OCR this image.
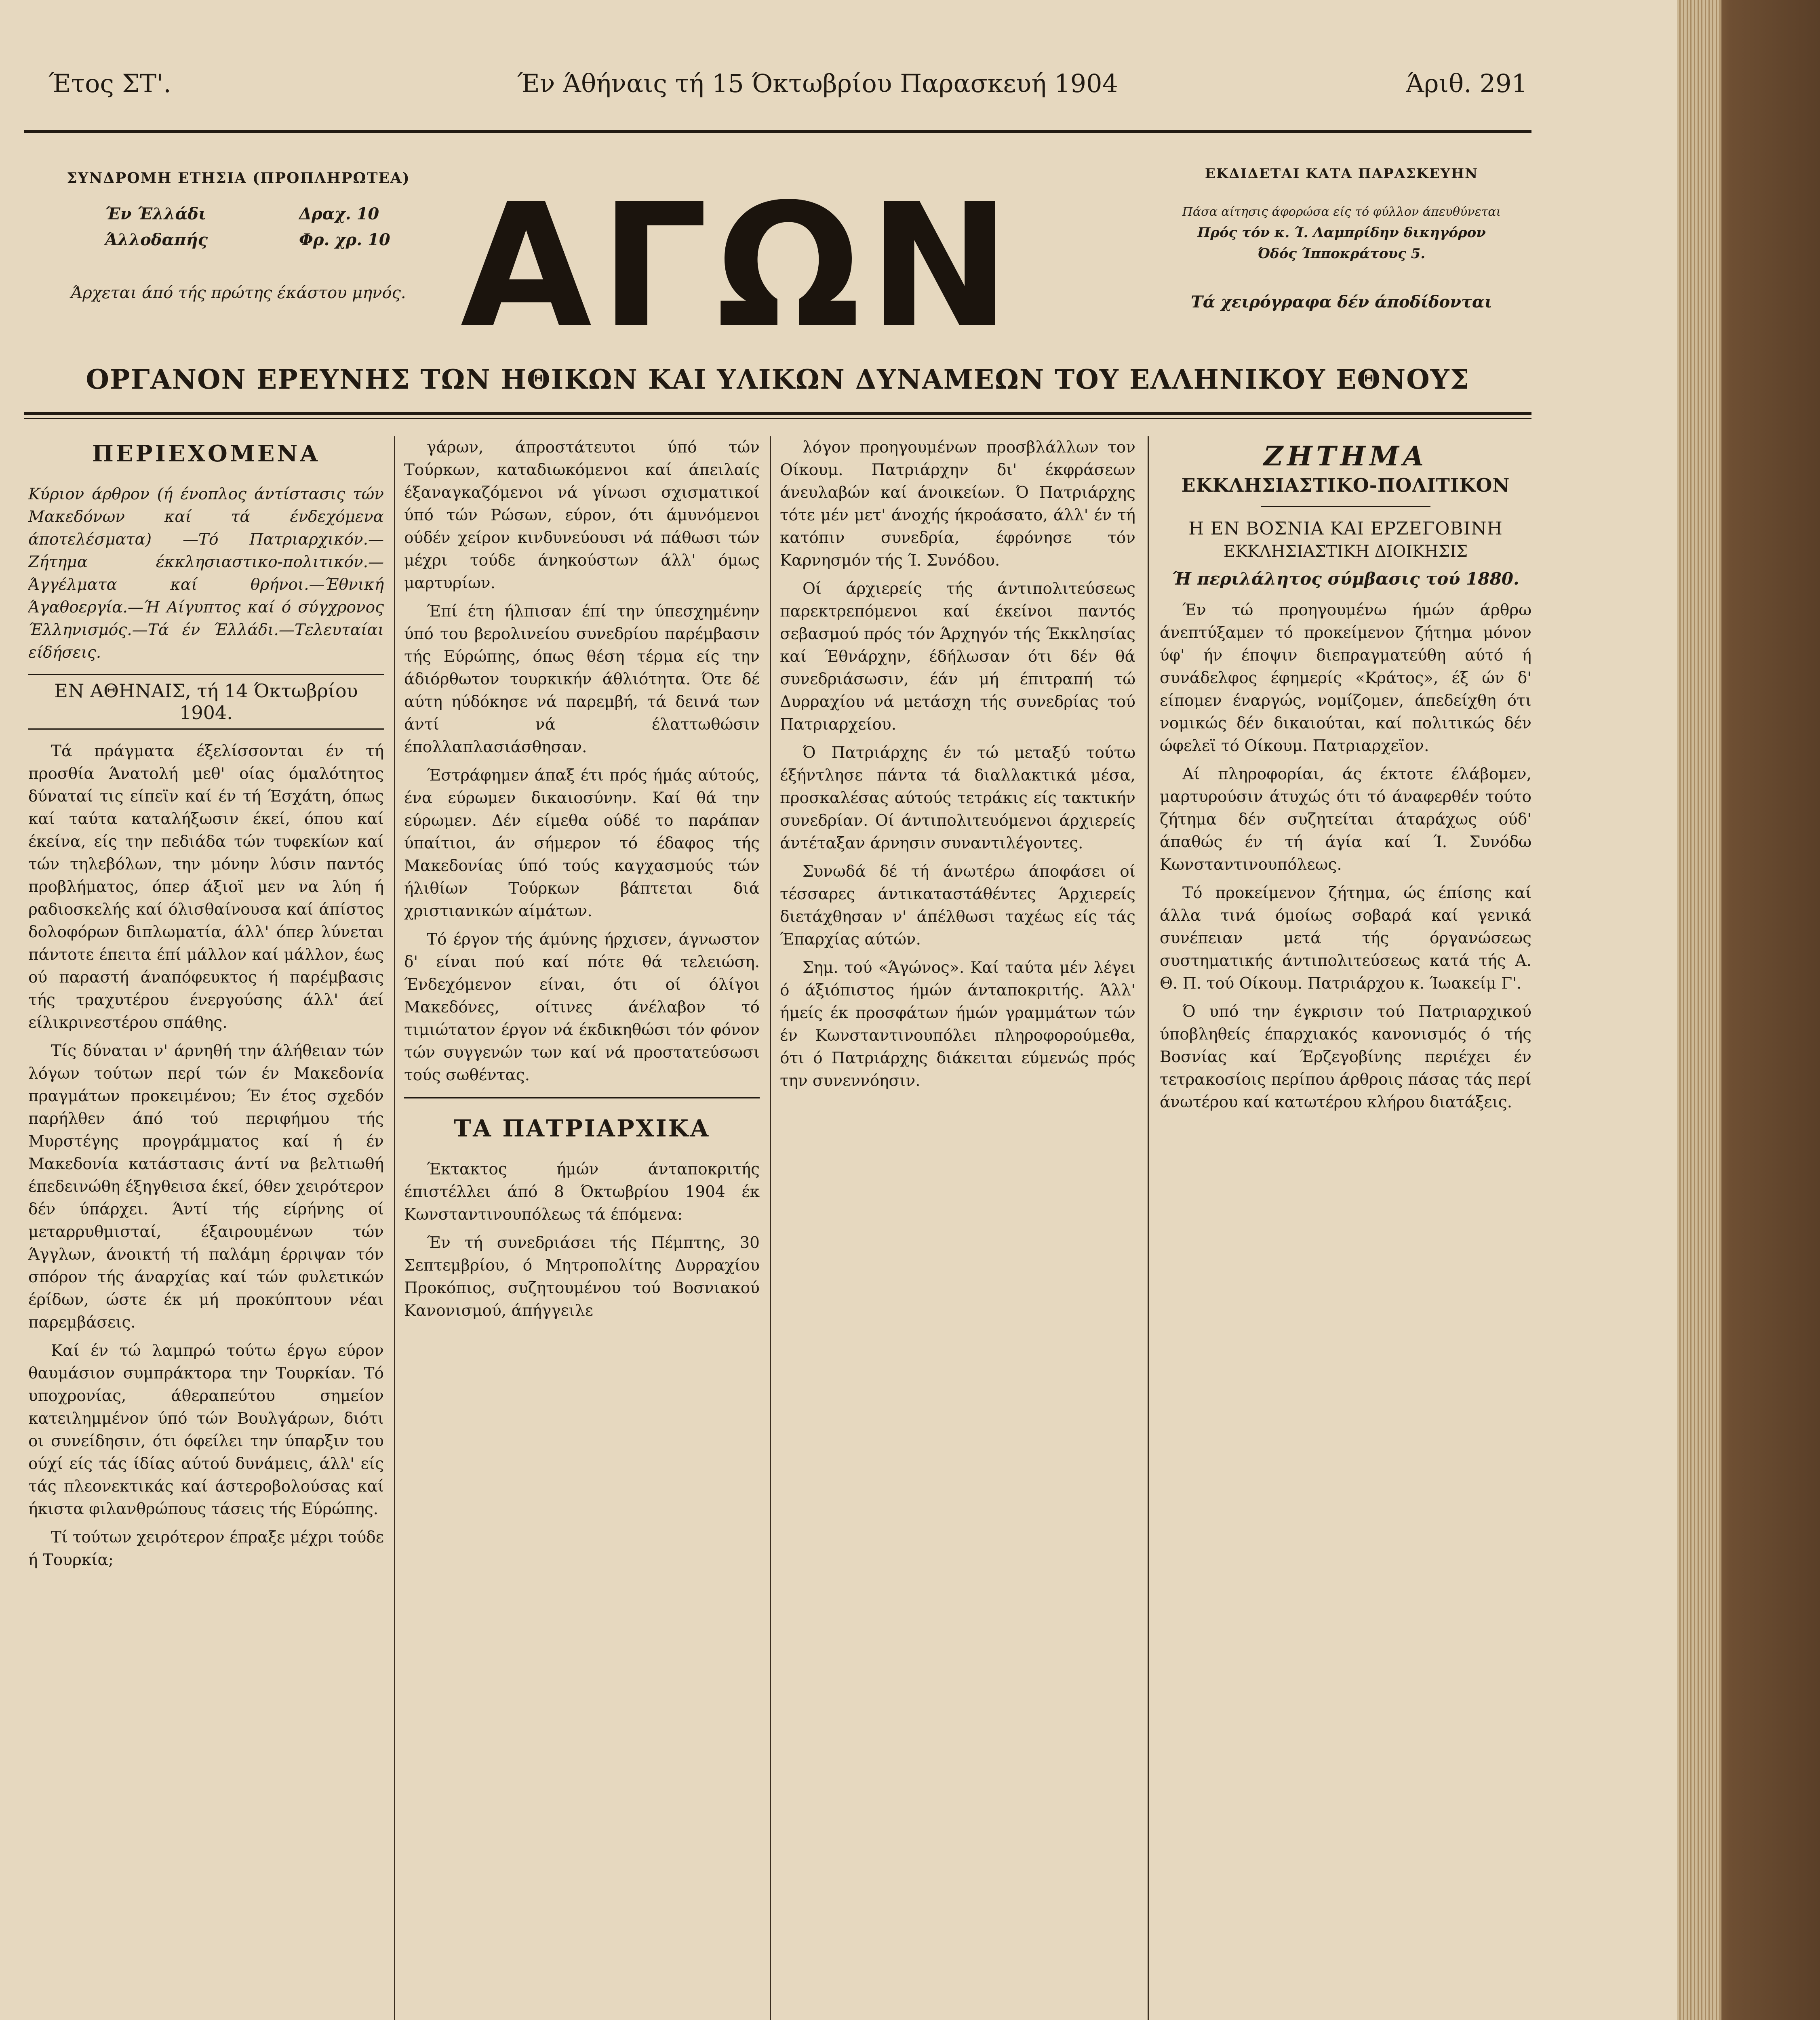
Έτος ΣΤ'.	Έν Άθήναις τή 15 Όκτωβρίου Παρασκευή 1904	Άριθ. 291
ΣΥΝΔΡΟΜΗ ΕΤΗΣΙΑ (ΠΡΟΠΛΗΡΩΤΕΑ)
Έν Έλλάδι	Δραχ. 10
Άλλοδαπής	Φρ. χρ. 10
Άρχεται άπό τής πρώτης έκάστου μηνός. ΑΓΩΝ	ΕΚΔΙΔΕΤΑΙ ΚΑΤΑ ΠΑΡΑΣΚΕΥΗΝ
Πάσα αίτησις άφορώσα είς τό φύλλον άπευθύνεται
Πρός τόν κ. Ί. Λαμπρίδην δικηγόρον
Όδός Ίπποκράτους 5.
Τά χειρόγραφα δέν άποδίδονται
ΟΡΓΑΝΟΝ ΕΡΕΥΝΗΣ ΤΩΝ ΗΘΙΚΩΝ ΚΑΙ ΥΛΙΚΩΝ ΔΥΝΑΜΕΩΝ ΤΟΥ ΕΛΛΗΝΙΚΟΥ ΕΘΝΟΥΣ
ΠΕΡΙΕΧΟΜΕΝΑ

Κύριον άρθρον (ή ένοπλος άντίστασις τών Μακεδόνων καί τά ένδεχόμενα άποτελέσματα) —Τό Πατριαρχικόν.—Ζήτημα έκκλησιαστικο-πολιτικόν.—Άγγέλματα καί θρήνοι.—Έθνική Άγαθοεργία.—Ή Αίγυπτος καί ό σύγχρονος Έλληνισμός.—Τά έν Έλλάδι.—Τελευταίαι είδήσεις.

ΕΝ ΑΘΗΝΑΙΣ, τή 14 Όκτωβρίου 1904.

Τά πράγματα έξελίσσονται έν τή προσθία Άνατολή μεθ' οίας όμαλότητος δύναταί τις είπεϊν καί έν τή Έσχάτη, όπως καί ταύτα καταλήξωσιν έκεί, όπου καί έκείνα, είς την πεδιάδα τών τυφεκίων καί τών τηλεβόλων, την μόνην λύσιν παντός προβλήματος, όπερ άξιοϊ μεν να λύη ή ραδιοσκελής καί όλισθαίνουσα καί άπίστος δολοφόρων διπλωματία, άλλ' όπερ λύνεται πάντοτε έπειτα έπί μάλλον καί μάλλον, έως ού παραστή άναπόφευκτος ή παρέμβασις τής τραχυτέρου ένεργούσης άλλ' άεί είλικρινεστέρου σπάθης.

Τίς δύναται ν' άρνηθή την άλήθειαν τών λόγων τούτων περί τών έν Μακεδονία πραγμάτων προκειμένου; Έν έτος σχεδόν παρήλθεν άπό τού περιφήμου τής Μυρστέγης προγράμματος καί ή έν Μακεδονία κατάστασις άντί να βελτιωθή έπεδεινώθη έξηγθεισα έκεί, όθεν χειρότερον δέν ύπάρχει. Άντί τής είρήνης οί μεταρρυθμισταί, έξαιρουμένων τών Άγγλων, άνοικτή τή παλάμη έρριψαν τόν σπόρον τής άναρχίας καί τών φυλετικών έρίδων, ώστε έκ μή προκύπτουν νέαι παρεμβάσεις.

Καί έν τώ λαμπρώ τούτω έργω εύρον θαυμάσιον συμπράκτορα την Τουρκίαν. Τό υποχρονίας, άθεραπεύτου σημείον κατειλημμένον ύπό τών Βουλγάρων, διότι οι συνείδησιν, ότι όφείλει την ύπαρξιν του ούχί είς τάς ίδίας αύτού δυνάμεις, άλλ' είς τάς πλεονεκτικάς καί άστεροβολούσας καί ήκιστα φιλανθρώπους τάσεις τής Εύρώπης.

Τί τούτων χειρότερον έπραξε μέχρι τούδε ή Τουρκία;

γάρων, άπροστάτευτοι ύπό τών Τούρκων, καταδιωκόμενοι καί άπειλαίς έξαναγκαζόμενοι νά γίνωσι σχισματικοί ύπό τών Ρώσων, εύρον, ότι άμυνόμενοι ούδέν χείρον κινδυνεύουσι νά πάθωσι τών μέχρι τούδε άνηκούστων άλλ' όμως μαρτυρίων.

Έπί έτη ήλπισαν έπί την ύπεσχημένην ύπό του βερολινείου συνεδρίου παρέμβασιν τής Εύρώπης, όπως θέση τέρμα είς την άδιόρθωτον τουρκικήν άθλιότητα. Ότε δέ αύτη ηύδόκησε νά παρεμβή, τά δεινά των άντί νά έλαττωθώσιν έπολλαπλασιάσθησαν.

Έστράφημεν άπαξ έτι πρός ήμάς αύτούς, ένα εύρωμεν δικαιοσύνην. Καί θά την εύρωμεν. Δέν είμεθα ούδέ το παράπαν ύπαίτιοι, άν σήμερον τό έδαφος τής Μακεδονίας ύπό τούς καγχασμούς τών ήλιθίων Τούρκων βάπτεται διά χριστιανικών αίμάτων.

Τό έργον τής άμύνης ήρχισεν, άγνωστον δ' είναι πού καί πότε θά τελειώση. Ένδεχόμενον είναι, ότι οί όλίγοι Μακεδόνες, οίτινες άνέλαβον τό τιμιώτατον έργον νά έκδικηθώσι τόν φόνον τών συγγενών των καί νά προστατεύσωσι τούς σωθέντας.

ΤΑ ΠΑΤΡΙΑΡΧΙΚΑ

Έκτακτος ήμών άνταποκριτής έπιστέλλει άπό 8 Όκτωβρίου 1904 έκ Κωνσταντινουπόλεως τά έπόμενα:

Έν τή συνεδριάσει τής Πέμπτης, 30 Σεπτεμβρίου, ό Μητροπολίτης Δυρραχίου Προκόπιος, συζητουμένου τού Βοσνιακού Κανονισμού, άπήγγειλε

λόγον προηγουμένων προσβλάλλων τον Οίκουμ. Πατριάρχην δι' έκφράσεων άνευλαβών καί άνοικείων. Ό Πατριάρχης τότε μέν μετ' άνοχής ήκροάσατο, άλλ' έν τή κατόπιν συνεδρία, έφρόνησε τόν Καρνησμόν τής Ί. Συνόδου.

Οί άρχιερείς τής άντιπολιτεύσεως παρεκτρεπόμενοι καί έκείνοι παντός σεβασμού πρός τόν Άρχηγόν τής Έκκλησίας καί Έθνάρχην, έδήλωσαν ότι δέν θά συνεδριάσωσιν, έάν μή έπιτραπή τώ Δυρραχίου νά μετάσχη τής συνεδρίας τού Πατριαρχείου.

Ό Πατριάρχης έν τώ μεταξύ τούτω έξήντλησε πάντα τά διαλλακτικά μέσα, προσκαλέσας αύτούς τετράκις είς τακτικήν συνεδρίαν. Οί άντιπολιτευόμενοι άρχιερείς άντέταξαν άρνησιν συναντιλέγοντες.

Συνωδά δέ τή άνωτέρω άποφάσει οί τέσσαρες άντικαταστάθέντες Άρχιερείς διετάχθησαν ν' άπέλθωσι ταχέως είς τάς Έπαρχίας αύτών.

Σημ. τού «Άγώνος». Καί ταύτα μέν λέγει ό άξιόπιστος ήμών άνταποκριτής. Άλλ' ήμείς έκ προσφάτων ήμών γραμμάτων τών έν Κωνσταντινουπόλει πληροφορούμεθα, ότι ό Πατριάρχης διάκειται εύμενώς πρός την συνεννόησιν.

ΖΗΤΗΜΑ
ΕΚΚΛΗΣΙΑΣΤΙΚΟ-ΠΟΛΙΤΙΚΟΝ
Η ΕΝ ΒΟΣΝΙΑ ΚΑΙ ΕΡΖΕΓΟΒΙΝΗ
ΕΚΚΛΗΣΙΑΣΤΙΚΗ ΔΙΟΙΚΗΣΙΣ
Ή περιλάλητος σύμβασις τού 1880.

Έν τώ προηγουμένω ήμών άρθρω άνεπτύξαμεν τό προκείμενον ζήτημα μόνον ύφ' ήν έποψιν διεπραγματεύθη αύτό ή συνάδελφος έφημερίς «Κράτος», έξ ών δ' είπομεν έναργώς, νομίζομεν, άπεδείχθη ότι νομικώς δέν δικαιούται, καί πολιτικώς δέν ώφελεϊ τό Οίκουμ. Πατριαρχεϊον.

Αί πληροφορίαι, άς έκτοτε έλάβομεν, μαρτυρούσιν άτυχώς ότι τό άναφερθέν τούτο ζήτημα δέν συζητείται άταράχως ούδ' άπαθώς έν τή άγία καί Ί. Συνόδω Κωνσταντινουπόλεως.

Τό προκείμενον ζήτημα, ώς έπίσης καί άλλα τινά όμοίως σοβαρά καί γενικά συνέπειαν μετά τής όργανώσεως συστηματικής άντιπολιτεύσεως κατά τής Α. Θ. Π. τού Οίκουμ. Πατριάρχου κ. Ίωακείμ Γ'.

Ό υπό την έγκρισιν τού Πατριαρχικού ύποβληθείς έπαρχιακός κανονισμός ό τής Βοσνίας καί Έρζεγοβίνης περιέχει έν τετρακοσίοις περίπου άρθροις πάσας τάς περί άνωτέρου καί κατωτέρου κλήρου διατάξεις.
